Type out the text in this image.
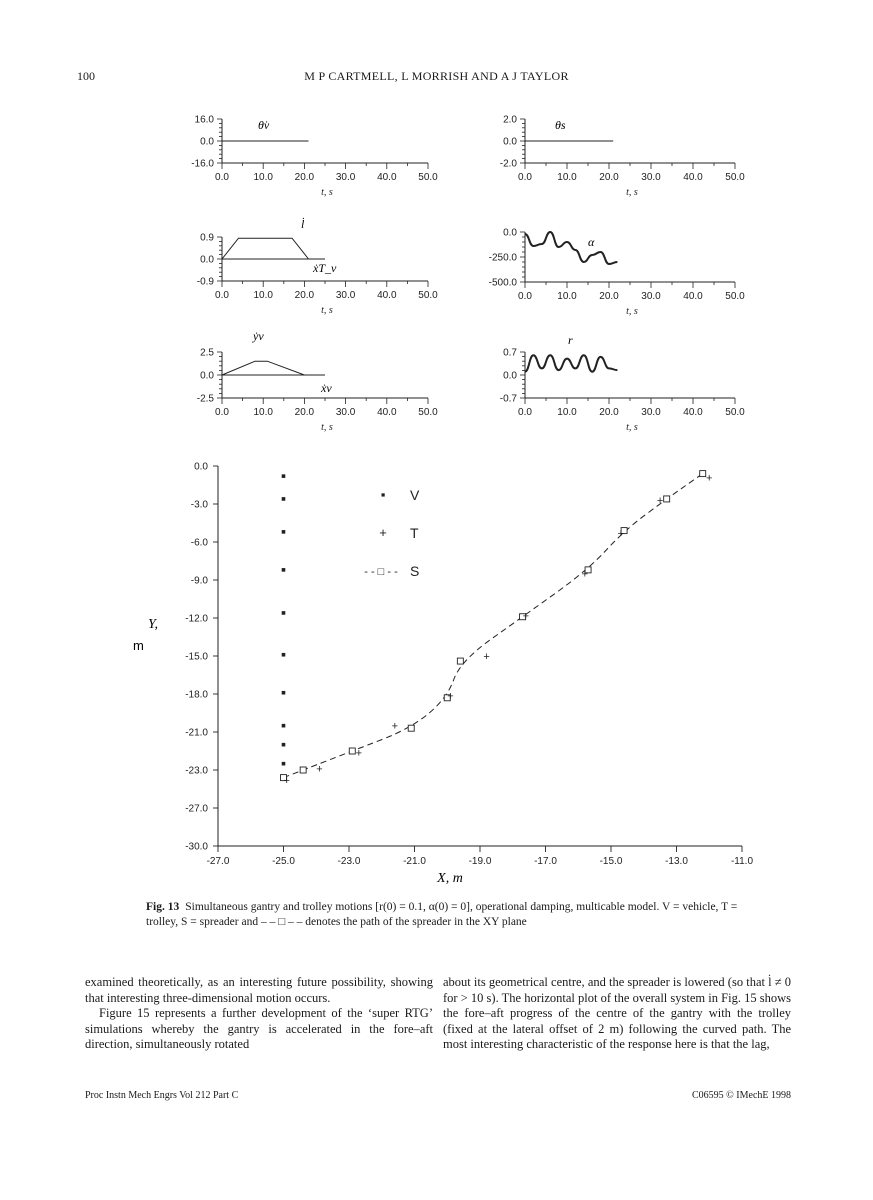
100	M P CARTMELL, L MORRISH AND A J TAYLOR
16.0
0.0
-16.0
0.0 10.0 20.0 30.0 40.0 50.0
t, s
θ̇v	2.0
0.0
-2.0
0.0	10.0 20.0 30.0 40.0 50.0
t, s
θs
0.9
0.0
-0.9
0.0 10.0 20.0 30.0 40.0 50.0
t, s
l̇
ẋT_v
0.0
-250.0
-500.0
0.0	10.0 20.0 30.0 40.0 50.0
t, s
α
2.5
0.0
-2.5
0.0 10.0 20.0 30.0 40.0 50.0
t, s
ẏv
ẋv
0.7
0.0
-0.7
0.0	10.0 20.0 30.0 40.0 50.0
t, s
r
0.0
-3.0
-6.0
-9.0
-12.0
-15.0
-18.0
-21.0
-23.0
-27.0
-30.0
-27.0	-25.0	-23.0	-21.0	-19.0	-17.0	-15.0	-13.0	-11.0
X, m
Y,
m
+
+
+
+
+
+
+
+
+
+
+
▪ V
+ T
- - □ - - S
Fig. 13 Simultaneous gantry and trolley motions [r(0) = 0.1, α(0) = 0], operational damping, multicable model. V = vehicle, T = trolley, S = spreader and – – □ – – denotes the path of the spreader in the XY plane

examined theoretically, as an interesting future possibility, showing that interesting three-dimensional motion occurs.

Figure 15 represents a further development of the ‘super RTG’ simulations whereby the gantry is accelerated in the fore–aft direction, simultaneously rotated

about its geometrical centre, and the spreader is lowered (so that l̇ ≠ 0 for > 10 s). The horizontal plot of the overall system in Fig. 15 shows the fore–aft progress of the centre of the gantry with the trolley (fixed at the lateral offset of 2 m) following the curved path. The most interesting characteristic of the response here is that the lag,

Proc Instn Mech Engrs Vol 212 Part C	C06595 © IMechE 1998
